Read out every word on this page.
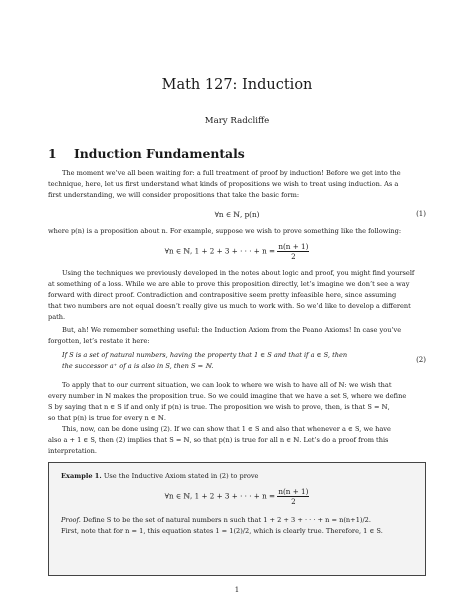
Math 127: Induction
Mary Radcliffe
1 Induction Fundamentals
The moment we’ve all been waiting for: a full treatment of proof by induction! Before we get into the
technique, here, let us first understand what kinds of propositions we wish to treat using induction. As a
first understanding, we will consider propositions that take the basic form:
∀n ∈ ℕ, p(n)	(1)
where p(n) is a proposition about n. For example, suppose we wish to prove something like the following:
∀n ∈ ℕ, 1 + 2 + 3 + · · · + $n = \frac{n(n + 1)}{2}$
Using the techniques we previously developed in the notes about logic and proof, you might find yourself
at something of a loss. While we are able to prove this proposition directly, let’s imagine we don’t see a way
forward with direct proof. Contradiction and contrapositive seem pretty infeasible here, since assuming
that two numbers are not equal doesn’t really give us much to work with. So we’d like to develop a different
path.
But, ah! We remember something useful: the Induction Axiom from the Peano Axioms! In case you’ve
forgotten, let’s restate it here:
If S is a set of natural numbers, having the property that 1 ∈ S and that if a ∈ S, then
the successor a⁺ of a is also in S, then S = ℕ.
(2)
To apply that to our current situation, we can look to where we wish to have all of ℕ: we wish that
every number in ℕ makes the proposition true. So we could imagine that we have a set S, where we define
S by saying that n ∈ S if and only if p(n) is true. The proposition we wish to prove, then, is that S = ℕ,
so that p(n) is true for every n ∈ ℕ.
This, now, can be done using (2). If we can show that 1 ∈ S and also that whenever a ∈ S, we have
also a + 1 ∈ S, then (2) implies that S = ℕ, so that p(n) is true for all n ∈ ℕ. Let’s do a proof from this
interpretation.
Example 1. Use the Inductive Axiom stated in (2) to prove
∀n ∈ ℕ, 1 + 2 + 3 + · · · + $n = \frac{n(n + 1)}{2}$
Proof. Define S to be the set of natural numbers n such that 1 + 2 + 3 + · · · + n = n(n+1)/2.
First, note that for n = 1, this equation states 1 = 1(2)/2, which is clearly true. Therefore, 1 ∈ S.
1
